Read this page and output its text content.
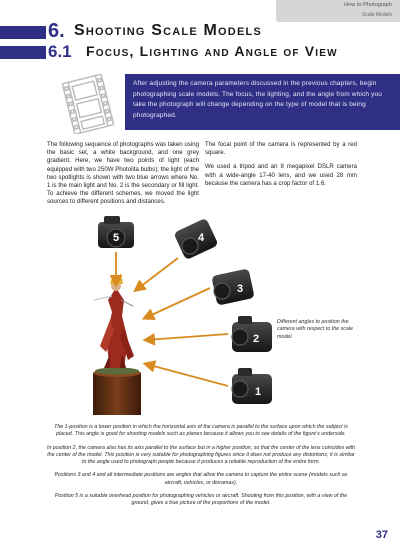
How to Photograph
Scale Models
6. Shooting Scale Models
6.1 Focus, Lighting and Angle of View
After adjusting the camera parameters discussed in the previous chapters, begin photographing scale models. The focus, the lighting, and the angle from which you take the photograph will change depending on the type of model that is being photographed.

The following sequence of photographs was taken using the basic set, a white background, and one grey gradient. Here, we have two points of light (each equipped with two 250W Photolita bulbs); the light of the two spotlights is shown with two blue arrows where No. 1 is the main light and No. 2 is the secondary or fill light. To achieve the different schemes, we moved the light sources to different positions and distances.

The focal point of the camera is represented by a red square.

We used a tripod and an 8 megapixel DSLR camera with a wide-angle 17-40 lens, and we used 28 mm because the camera has a crop factor of 1.6.

5	4
3
2
1
Different angles to position the camera with respect to the scale model.

The 1-position is a lower position in which the horizontal axis of the camera is parallel to the surface upon which the subject is placed. This angle is good for shooting models such as planes because it allows you to see details of the figure's underside.

In position 2, the camera also has its axis parallel to the surface but in a higher position, so that the center of the lens coincides with the center of the model. This position is very suitable for photographing figures since it does not produce any distortions; it is similar to the angle used to photograph people because it produces a reliable reproduction of the entire form.

Positions 3 and 4 and all intermediate positions are angles that allow the camera to capture the entire scene (models such as aircraft, vehicles, or dioramas).

Position 5 is a suitable overhead position for photographing vehicles or aircraft. Shooting from this position, with a view of the ground, gives a true picture of the proportions of the model.

37
